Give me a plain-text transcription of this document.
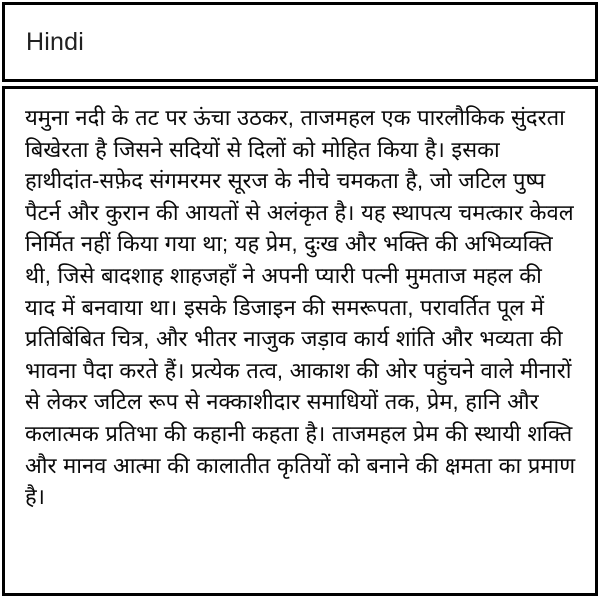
Hindi

यमुना नदी के तट पर ऊंचा उठकर, ताजमहल एक पारलौकिक सुंदरता बिखेरता है जिसने सदियों से दिलों को मोहित किया है। इसका हाथीदांत-सफ़ेद संगमरमर सूरज के नीचे चमकता है, जो जटिल पुष्प पैटर्न और कुरान की आयतों से अलंकृत है। यह स्थापत्य चमत्कार केवल निर्मित नहीं किया गया था; यह प्रेम, दुःख और भक्ति की अभिव्यक्ति थी, जिसे बादशाह शाहजहाँ ने अपनी प्यारी पत्नी मुमताज महल की याद में बनवाया था। इसके डिजाइन की समरूपता, परावर्तित पूल में प्रतिबिंबित चित्र, और भीतर नाजुक जड़ाव कार्य शांति और भव्यता की भावना पैदा करते हैं। प्रत्येक तत्व, आकाश की ओर पहुंचने वाले मीनारों से लेकर जटिल रूप से नक्काशीदार समाधियों तक, प्रेम, हानि और कलात्मक प्रतिभा की कहानी कहता है। ताजमहल प्रेम की स्थायी शक्ति और मानव आत्मा की कालातीत कृतियों को बनाने की क्षमता का प्रमाण है।
